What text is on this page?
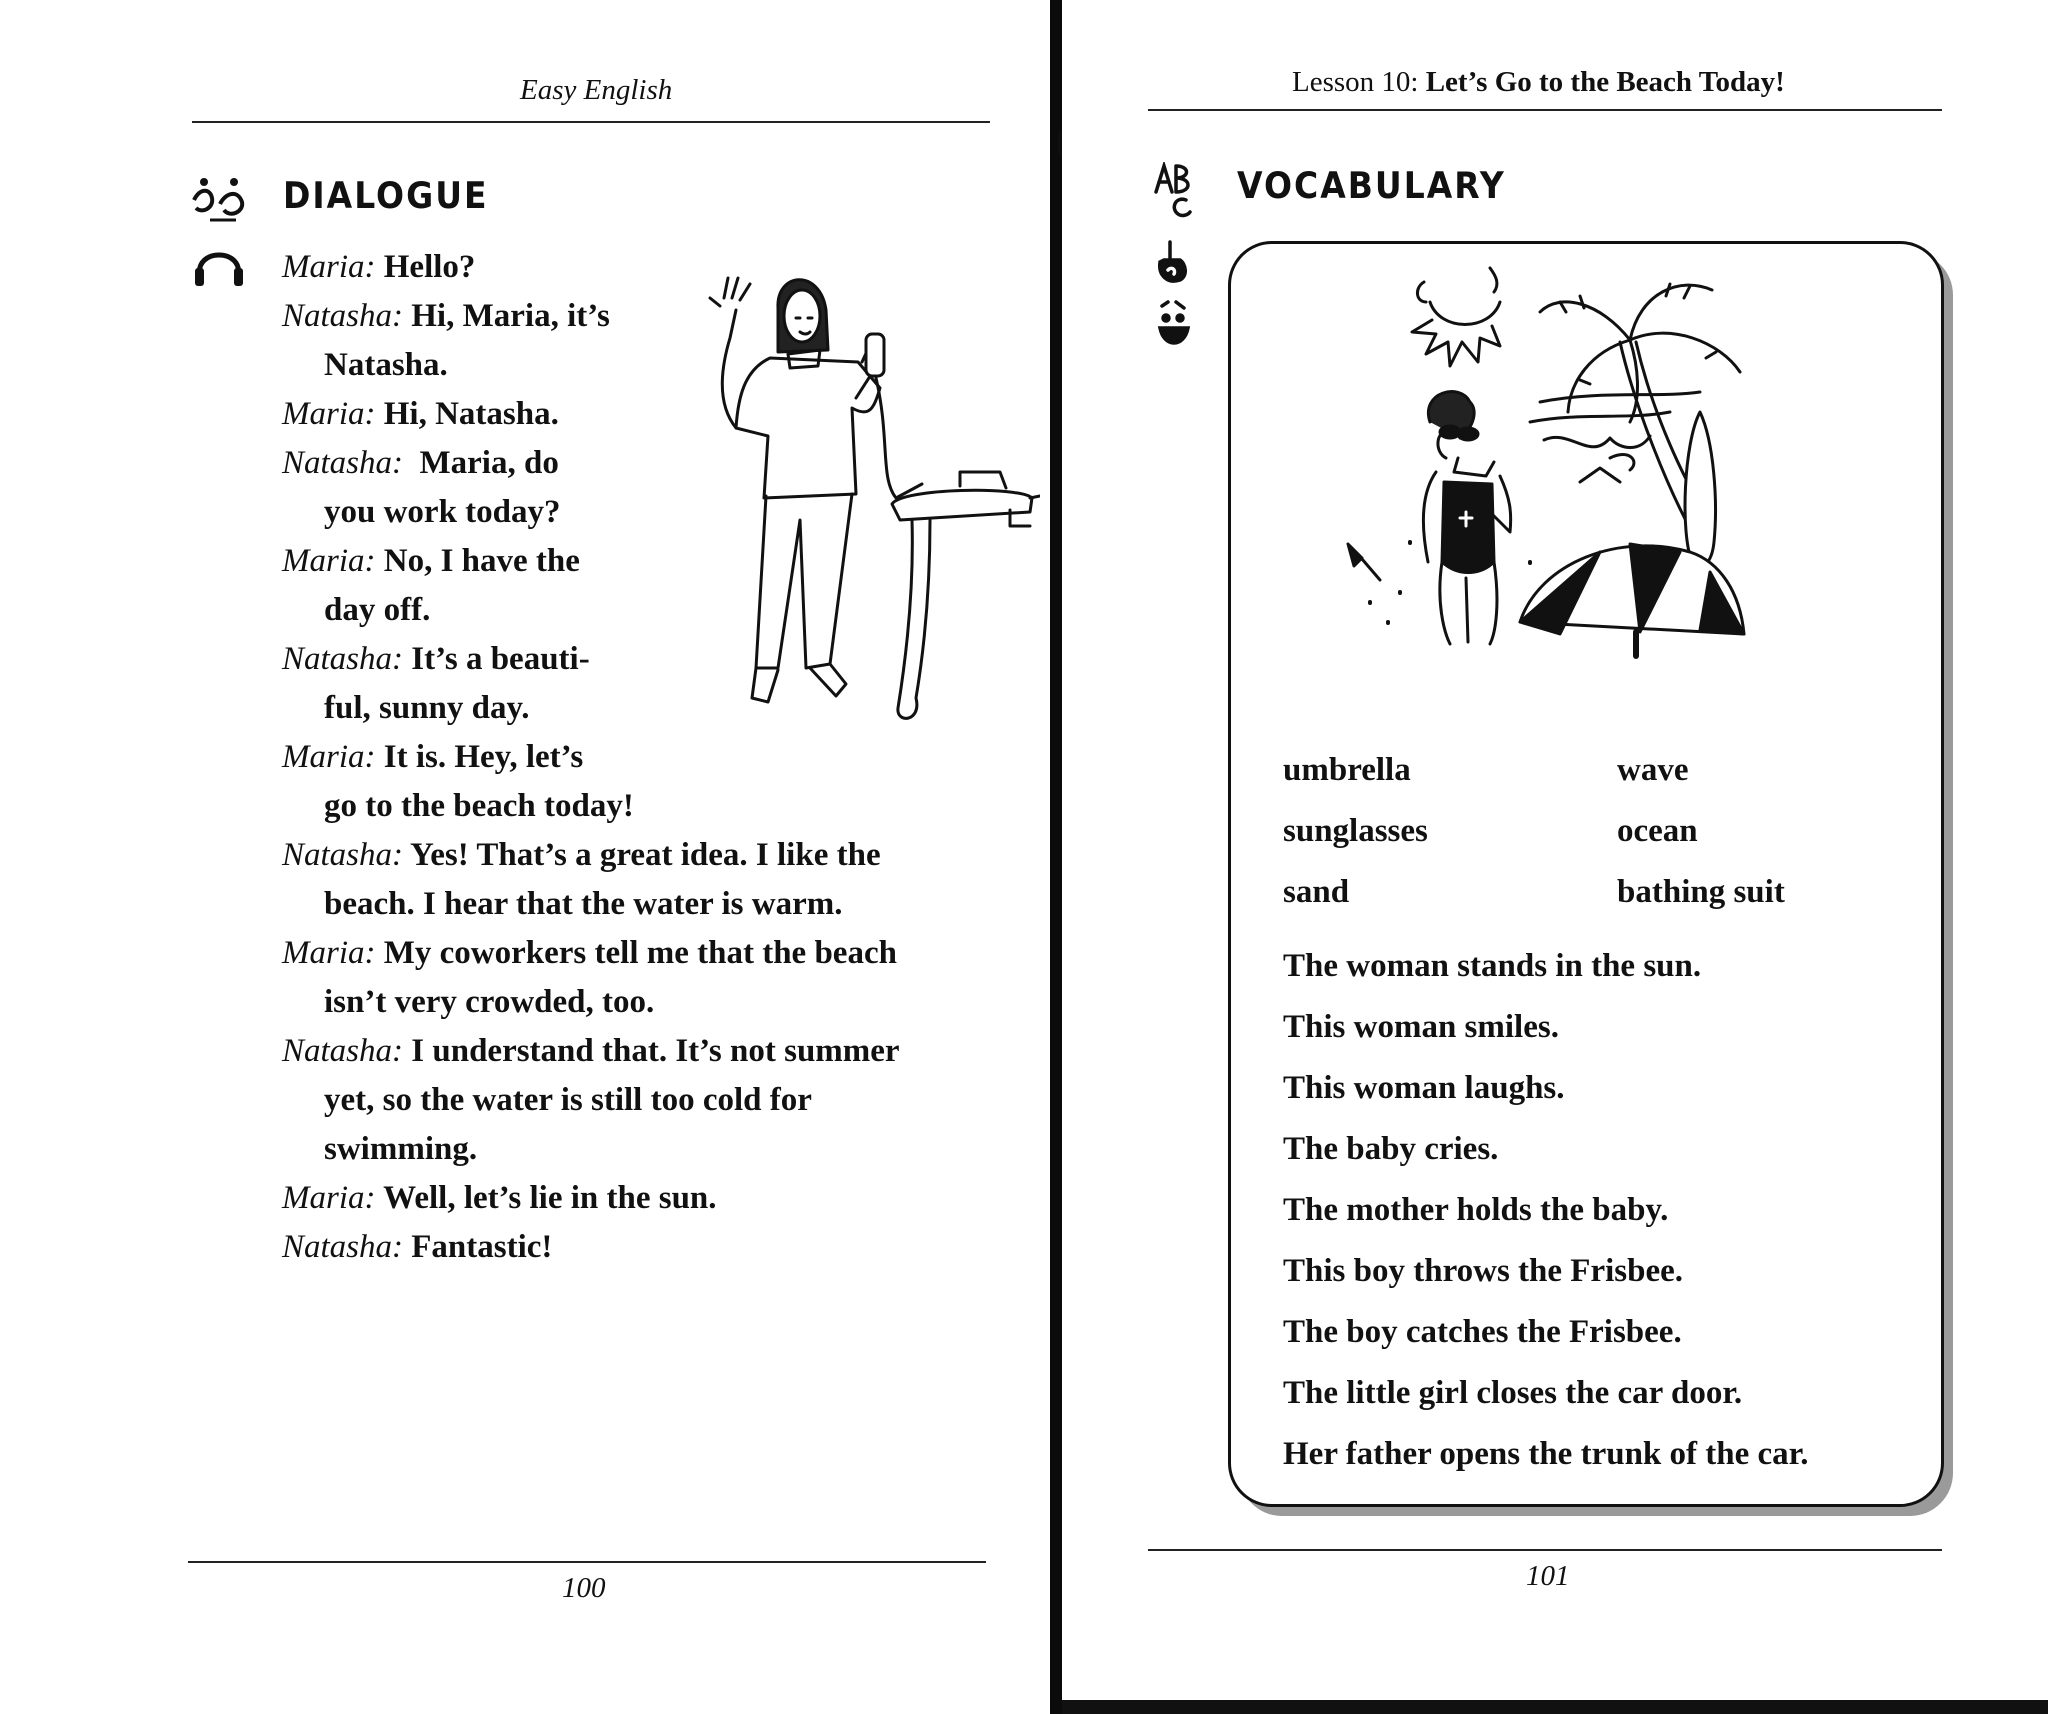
Easy English
DIALOGUE
Maria: Hello?
Natasha: Hi, Maria, it’s
Natasha.
Maria: Hi, Natasha.
Natasha: Maria, do
you work today?
Maria: No, I have the
day off.
Natasha: It’s a beauti-
ful, sunny day.
Maria: It is. Hey, let’s
go to the beach today!
Natasha: Yes! That’s a great idea. I like the
beach. I hear that the water is warm.
Maria: My coworkers tell me that the beach
isn’t very crowded, too.
Natasha: I understand that. It’s not summer
yet, so the water is still too cold for
swimming.
Maria: Well, let’s lie in the sun.
Natasha: Fantastic!
100
Lesson 10: Let’s Go to the Beach Today!
VOCABULARY
umbrella
sunglasses
sand
wave
ocean
bathing suit
The woman stands in the sun.
This woman smiles.
This woman laughs.
The baby cries.
The mother holds the baby.
This boy throws the Frisbee.
The boy catches the Frisbee.
The little girl closes the car door.
Her father opens the trunk of the car.
101
